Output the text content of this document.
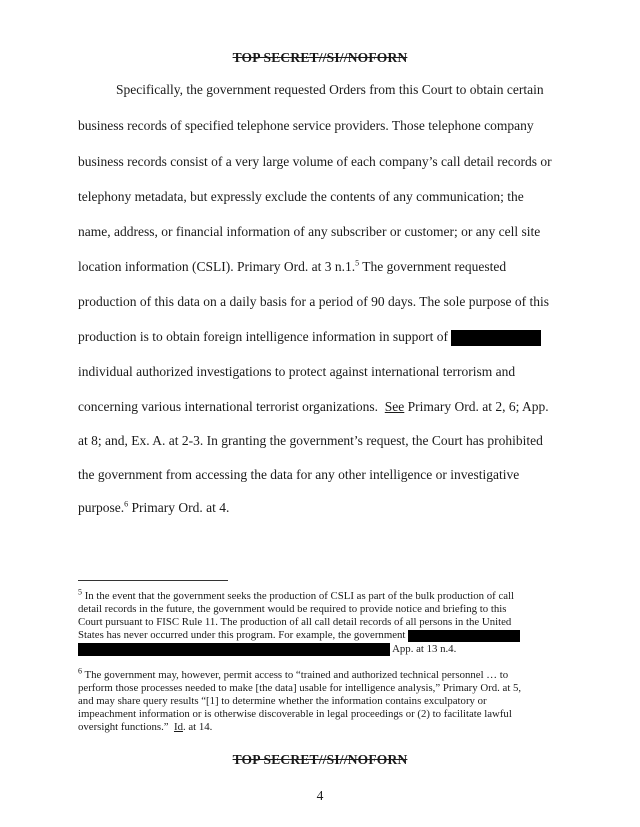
TOP SECRET//SI//NOFORN
Specifically, the government requested Orders from this Court to obtain certain
business records of specified telephone service providers. Those telephone company
business records consist of a very large volume of each company’s call detail records or
telephony metadata, but expressly exclude the contents of any communication; the
name, address, or financial information of any subscriber or customer; or any cell site
location information (CSLI). Primary Ord. at 3 n.1.$^5$ The government requested
production of this data on a daily basis for a period of 90 days. The sole purpose of this
production is to obtain foreign intelligence information in support of
individual authorized investigations to protect against international terrorism and
concerning various international terrorist organizations. See Primary Ord. at 2, 6; App.
at 8; and, Ex. A. at 2-3. In granting the government’s request, the Court has prohibited
the government from accessing the data for any other intelligence or investigative
purpose.$^6$ Primary Ord. at 4.
$^5$ In the event that the government seeks the production of CSLI as part of the bulk production of call
detail records in the future, the government would be required to provide notice and briefing to this
Court pursuant to FISC Rule 11. The production of all call detail records of all persons in the United
States has never occurred under this program. For example, the government
App. at 13 n.4.
$^6$ The government may, however, permit access to “trained and authorized technical personnel … to
perform those processes needed to make [the data] usable for intelligence analysis,” Primary Ord. at 5,
and may share query results “[1] to determine whether the information contains exculpatory or
impeachment information or is otherwise discoverable in legal proceedings or (2) to facilitate lawful
oversight functions.” Id. at 14.
TOP SECRET//SI//NOFORN
4
